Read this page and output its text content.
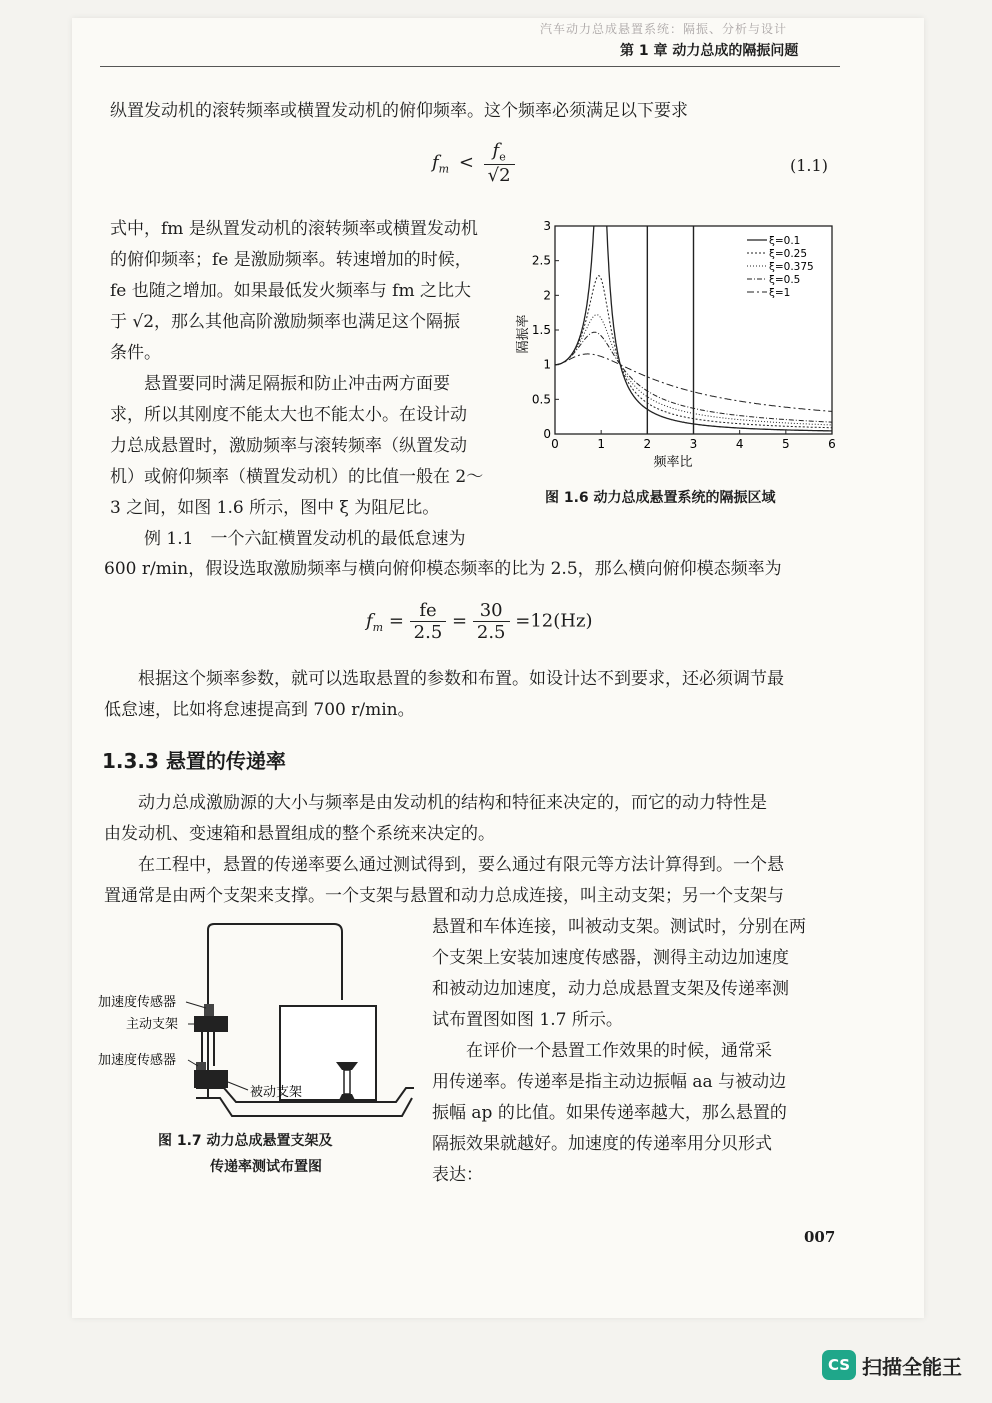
汽车动力总成悬置系统：隔振、分析与设计
第 1 章 动力总成的隔振问题
纵置发动机的滚转频率或横置发动机的俯仰频率。这个频率必须满足以下要求
$f_m < \frac{f_e}{√2}$	(1.1)
式中，fm 是纵置发动机的滚转频率或横置发动机
的俯仰频率；fe 是激励频率。转速增加的时候，
fe 也随之增加。如果最低发火频率与 fm 之比大
于 √2，那么其他高阶激励频率也满足这个隔振
条件。
　　悬置要同时满足隔振和防止冲击两方面要
求，所以其刚度不能太大也不能太小。在设计动
力总成悬置时，激励频率与滚转频率（纵置发动
机）或俯仰频率（横置发动机）的比值一般在 2～
3 之间，如图 1.6 所示，图中 ξ 为阻尼比。
0	1	2	3	4	5	6
0
0.5
1
1.5
2
2.5
3
频率比
隔振率
ξ=0.1
ξ=0.25
ξ=0.375
ξ=0.5
ξ=1
图 1.6 动力总成悬置系统的隔振区域
　　例 1.1　一个六缸横置发动机的最低怠速为
600 r/min，假设选取激励频率与横向俯仰模态频率的比为 2.5，那么横向俯仰模态频率为
$f_m = \frac{fe}{2.5} = \frac{30}{2.5} =12(Hz)$
　　根据这个频率参数，就可以选取悬置的参数和布置。如设计达不到要求，还必须调节最
低怠速，比如将怠速提高到 700 r/min。
1.3.3 悬置的传递率
　　动力总成激励源的大小与频率是由发动机的结构和特征来决定的，而它的动力特性是
由发动机、变速箱和悬置组成的整个系统来决定的。
　　在工程中，悬置的传递率要么通过测试得到，要么通过有限元等方法计算得到。一个悬
置通常是由两个支架来支撑。一个支架与悬置和动力总成连接，叫主动支架；另一个支架与
悬置和车体连接，叫被动支架。测试时，分别在两
个支架上安装加速度传感器，测得主动边加速度
和被动边加速度，动力总成悬置支架及传递率测
试布置图如图 1.7 所示。
　　在评价一个悬置工作效果的时候，通常采
用传递率。传递率是指主动边振幅 aa 与被动边
振幅 ap 的比值。如果传递率越大，那么悬置的
隔振效果就越好。加速度的传递率用分贝形式
表达：
加速度传感器
主动支架
加速度传感器
被动支架
图 1.7 动力总成悬置支架及
传递率测试布置图
007
CS 扫描全能王
